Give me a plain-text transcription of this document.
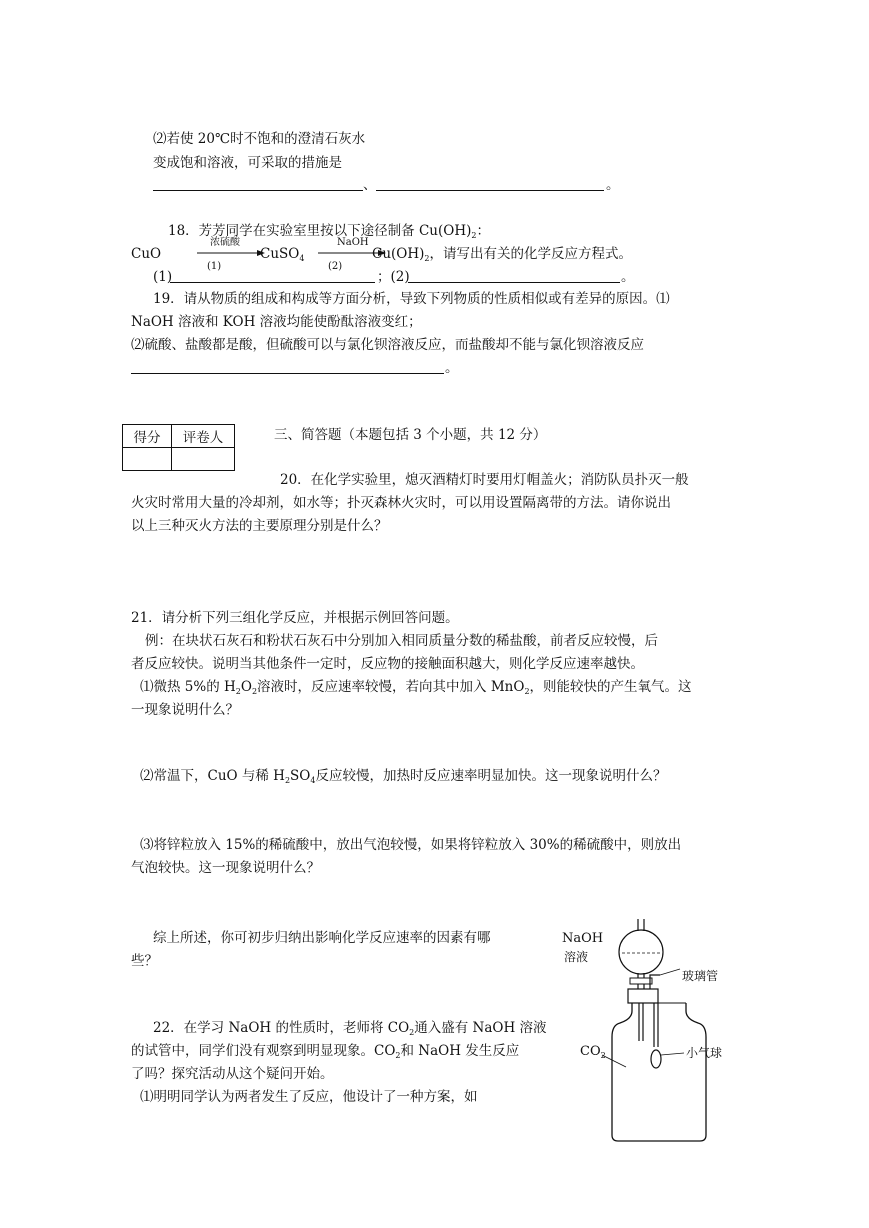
⑵若使 20℃时不饱和的澄清石灰水
变成饱和溶液，可采取的措施是
、	。
18．芳芳同学在实验室里按以下途径制备 $Cu(OH)_2$：
CuO
浓硫酸
(1)
CuSO$_4$
NaOH
(2)
$Cu(OH)_2$，请写出有关的化学反应方程式。
(1)	；(2)	。
19．请从物质的组成和构成等方面分析，导致下列物质的性质相似或有差异的原因。⑴
NaOH 溶液和 KOH 溶液均能使酚酞溶液变红；
⑵硫酸、盐酸都是酸，但硫酸可以与氯化钡溶液反应，而盐酸却不能与氯化钡溶液反应
。
得分	评卷人
		三、简答题（本题包括 3 个小题，共 12 分）
20．在化学实验里，熄灭酒精灯时要用灯帽盖火；消防队员扑灭一般
火灾时常用大量的冷却剂，如水等；扑灭森林火灾时，可以用设置隔离带的方法。请你说出
以上三种灭火方法的主要原理分别是什么？
21．请分析下列三组化学反应，并根据示例回答问题。
例：在块状石灰石和粉状石灰石中分别加入相同质量分数的稀盐酸，前者反应较慢，后
者反应较快。说明当其他条件一定时，反应物的接触面积越大，则化学反应速率越快。
⑴微热 5%的 $H_2O_2$溶液时，反应速率较慢，若向其中加入 MnO$_2$，则能较快的产生氧气。这
一现象说明什么？
⑵常温下，CuO 与稀 $H_2SO_4$反应较慢，加热时反应速率明显加快。这一现象说明什么？
⑶将锌粒放入 15%的稀硫酸中，放出气泡较慢，如果将锌粒放入 30%的稀硫酸中，则放出
气泡较快。这一现象说明什么？
综上所述，你可初步归纳出影响化学反应速率的因素有哪
些？
22．在学习 NaOH 的性质时，老师将 $CO_2$通入盛有 NaOH 溶液
的试管中，同学们没有观察到明显现象。$CO_2$和 NaOH 发生反应
了吗？探究活动从这个疑问开始。
⑴明明同学认为两者发生了反应，他设计了一种方案，如
NaOH
溶液
玻璃管
$CO_2$	小气球
